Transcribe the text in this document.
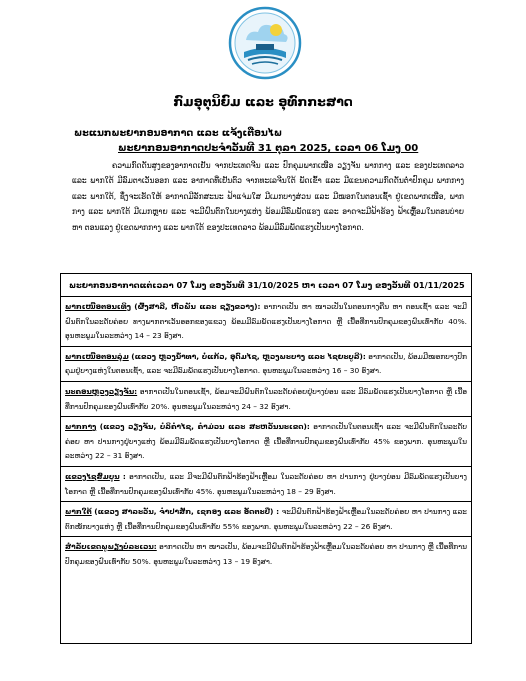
ກົມອຸຕຸນິຍົມ ແລະ ອຸທົກກະສາດ
ພະແນກພະຍາກອນອາກາດ ແລະ ແຈ້ງເຕືອນໄພ
ພະຍາກອນອາກາດປະຈຳວັນທີ 31 ຕຸລາ 2025, ເວລາ 06 ໂມງ 00
ຄວາມກົດດັນສູງຂອງອາກາດເຢັນ ຈາກປະເທດຈີນ ແລະ ປົກຄຸມພາກເໜືອ ວຽງຈັນ ພາກກາງ ແລະ ຂອງປະເທດລາວ ແລະ ພາກໃຕ້ ມີລົມຕາເວັນອອກ ແລະ ອາກາດທີ່ເຢັນຕົວ ຈາກທະເລຈີນໃຕ້ ພັດເຂົ້າ ແລະ ມີແຂນຄວາມກົດດັນຕ່ຳປົກຄຸມ ພາກກາງ ແລະ ພາກໃຕ້, ຊຶ່ງຈະເຮັດໃຫ້ ອາກາດມີລັກສະນະ ຟ້າແຈ່ມໃສ ມີເມກບາງສ່ວນ ແລະ ມີໝອກໃນຕອນເຊົ້າ ຢູ່ເຂດພາກເໜືອ, ພາກກາງ ແລະ ພາກໃຕ້ ມີເມກຫຼາຍ ແລະ ຈະມີຝົນຕົກໃນບາງແຫ່ງ ພ້ອມມີລົມພັດແຮງ ແລະ ອາດຈະມີຟ້າຮ້ອງ ຟ້າເຫຼື້ອມໃນຕອນບ່າຍ ຫາ ຕອນແລງ ຢູ່ເຂດພາກກາງ ແລະ ພາກໃຕ້ ຂອງປະເທດລາວ ພ້ອມມີລົມພັດແຮງເປັນບາງໂອກາດ.
ພະຍາກອນອາກາດແຕ່ເວລາ 07 ໂມງ ຂອງວັນທີ 31/10/2025 ຫາ ເວລາ 07 ໂມງ ຂອງວັນທີ 01/11/2025
ພາກເໜືອຕອນເທິງ (ຜົ້ງສາລີ, ຫົວພັນ ແລະ ຊຽງຂວາງ): ອາກາດເປັນ ຫາ ໜາວເປັນໃນຕອນກາງຄືນ ຫາ ຕອນເຊົ້າ ແລະ ຈະມີຝົນຕົກໃນລະດັບຄ່ອຍ ທາງພາກຕາເວັນອອກຂອງແຂວງ ພ້ອມມີລົມພັດແຮງເປັນບາງໂອກາດ ຫຼື ເນື້ອທີ່ການປົກຄຸມຂອງຝົນເທົ່າກັບ 40%. ອຸນຫະພູມໃນລະຫວ່າງ 14 – 23 ອົງສາ.
ພາກເໜືອຕອນລຸ່ມ (ແຂວງ ຫຼວງນ້ຳທາ, ບໍ່ແກ້ວ, ອຸດົມໄຊ, ຫຼວງພະບາງ ແລະ ໄຊຍະບູລີ): ອາກາດເປັນ, ພ້ອມມີໝອກບາງປົກຄຸມຢູ່ບາງແຫ່ງໃນຕອນເຊົ້າ, ແລະ ຈະມີລົມພັດແຮງເປັນບາງໂອກາດ. ອຸນຫະພູມໃນລະຫວ່າງ 16 – 30 ອົງສາ.
ນະຄອນຫຼວງວຽງຈັນ: ອາກາດເປັນໃນຕອນເຊົ້າ, ພ້ອມຈະມີຝົນຕົກໃນລະດັບຄ່ອຍຢູ່ບາງບ່ອນ ແລະ ມີລົມພັດແຮງເປັນບາງໂອກາດ ຫຼື ເນື້ອທີ່ການປົກຄຸມຂອງຝົນເທົ່າກັບ 20%. ອຸນຫະພູມໃນລະຫວ່າງ 24 – 32 ອົງສາ.
ພາກກາງ (ແຂວງ ວຽງຈັນ, ບໍລິຄຳໄຊ, ຄຳມ່ວນ ແລະ ສະຫວັນນະເຂດ): ອາກາດເປັນໃນຕອນເຊົ້າ ແລະ ຈະມີຝົນຕົກໃນລະດັບຄ່ອຍ ຫາ ປານກາງຢູ່ບາງແຫ່ງ ພ້ອມມີລົມພັດແຮງເປັນບາງໂອກາດ ຫຼື ເນື້ອທີ່ການປົກຄຸມຂອງຝົນເທົ່າກັບ 45% ຂອງພາກ. ອຸນຫະພູມໃນລະຫວ່າງ 22 – 31 ອົງສາ.
ແຂວງໄຊສົມບູນ : ອາກາດເປັນ, ແລະ ມີຈະມີຝົນຕົກຟ້າຮ້ອງຟ້າເຫຼື້ອມ ໃນລະດັບຄ່ອຍ ຫາ ປານກາງ ຢູ່ບາງບ່ອນ ມີລົມພັດແຮງເປັນບາງໂອກາດ ຫຼື ເນື້ອທີ່ການປົກຄຸມຂອງຝົນເທົ່າກັບ 45%. ອຸນຫະພູມໃນລະຫວ່າງ 18 – 29 ອົງສາ.
ພາກໃຕ້ (ແຂວງ ສາລະວັນ, ຈຳປາສັກ, ເຊກອງ ແລະ ອັດຕະປື) : ຈະມີຝົນຕົກຟ້າຮ້ອງຟ້າເຫຼື້ອມໃນລະດັບຄ່ອຍ ຫາ ປານກາງ ແລະ ຕົກໜັກບາງແຫ່ງ ຫຼື ເນື້ອທີ່ການປົກຄຸມຂອງຝົນເທົ່າກັບ 55% ຂອງພາກ. ອຸນຫະພູມໃນລະຫວ່າງ 22 – 26 ອົງສາ.
ສຳລັບເຂດພູພຽງບໍລະເວນ: ອາກາດເປັນ ຫາ ໜາວເປັນ, ພ້ອມຈະມີຝົນຕົກຟ້າຮ້ອງຟ້າເຫຼື້ອມໃນລະດັບຄ່ອຍ ຫາ ປານກາງ ຫຼື ເນື້ອທີ່ການປົກຄຸມຂອງຝົນເທົ່າກັບ 50%. ອຸນຫະພູມໃນລະຫວ່າງ 13 – 19 ອົງສາ.
